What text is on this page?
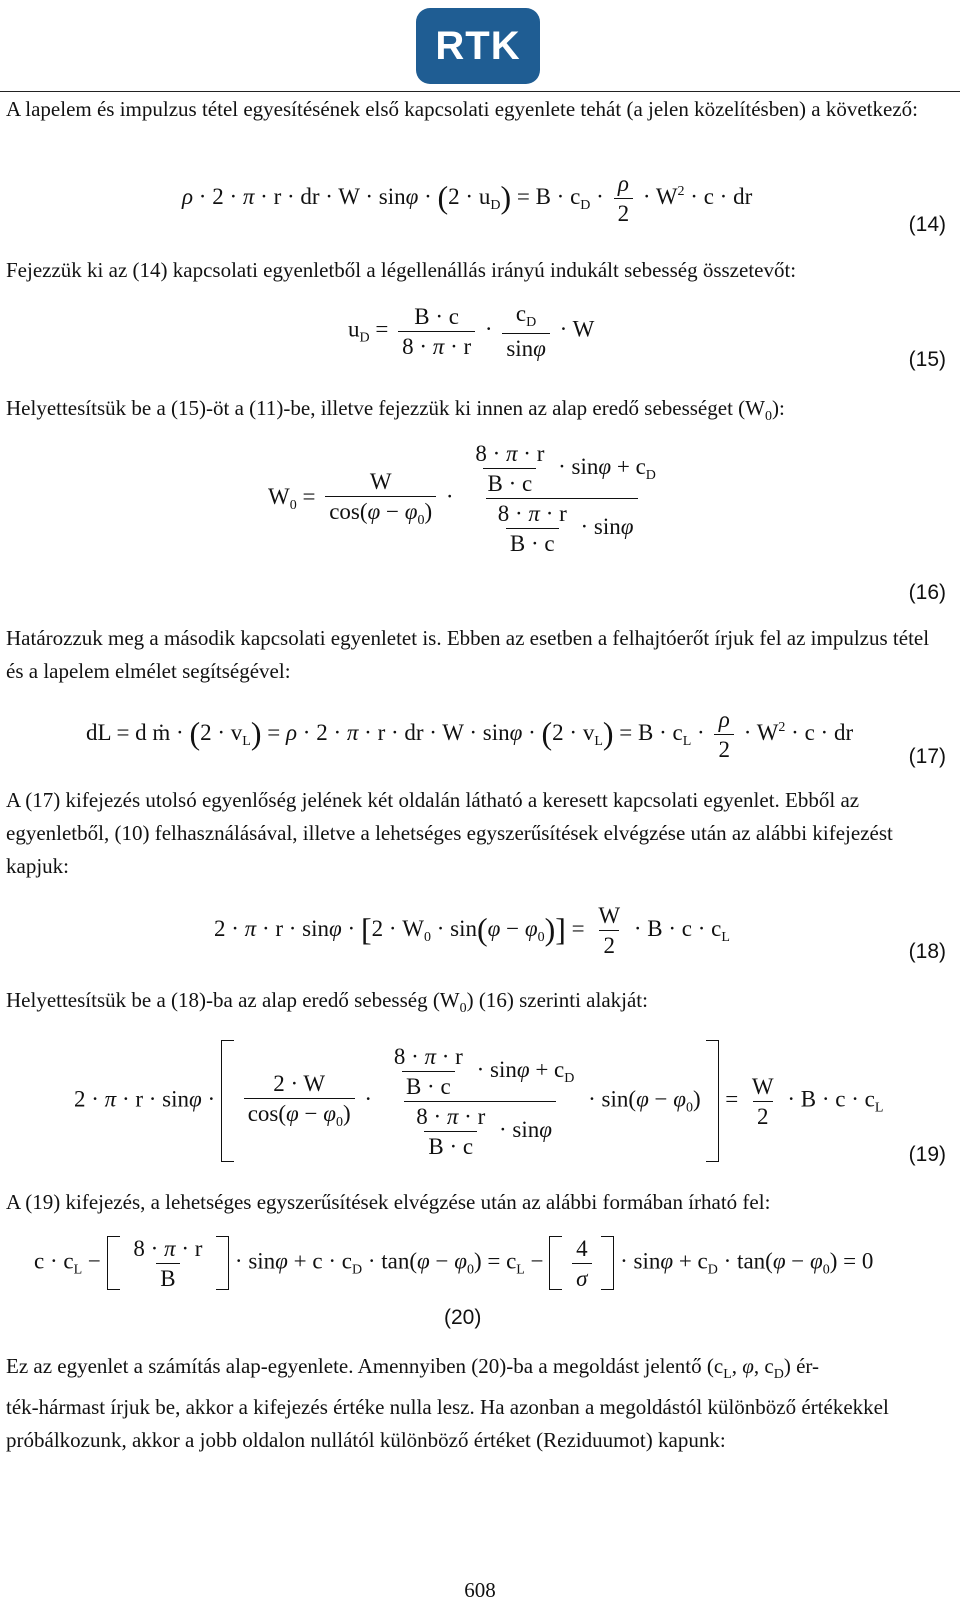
RTK
A lapelem és impulzus tétel egyesítésének első kapcsolati egyenlete tehát (a jelen közelítésben) a következő:
ρ · 2 · π · r · dr · $W \cdot \sin\varphi \cdot (2 \cdot u_D) = B \cdot c_D \cdot \frac{\rho}{2} \cdot W^2 \cdot c$ · dr
(14)
Fejezzük ki az (14) kapcsolati egyenletből a légellenállás irányú indukált sebesség összetevőt:
$u_D = \frac{B \cdot c}{8 \cdot \pi \cdot r} \cdot \frac{c_D}{\sin\varphi} \cdot W$
(15)
Helyettesítsük be a (15)-öt a (11)-be, illetve fejezzük ki innen az alap eredő sebességet $(W_0)$:
$W_0 = \frac{W}{\cos(\varphi - \varphi_0)} \cdot \frac{\frac{8 \cdot \pi \cdot r}{B \cdot c} \cdot \sin\varphi + c_D}{\frac{8 \cdot \pi \cdot r}{B \cdot c} \cdot \sin\varphi}$
(16)
Határozzuk meg a második kapcsolati egyenletet is. Ebben az esetben a felhajtóerőt írjuk fel az impulzus tétel és a lapelem elmélet segítségével:
dL = d ṁ · $(2 \cdot v_L) = \rho \cdot 2 \cdot \pi \cdot r$ · dr · $W \cdot \sin\varphi \cdot (2 \cdot v_L) = B \cdot c_L \cdot \frac{\rho}{2} \cdot W^2 \cdot c$ · dr
(17)
A (17) kifejezés utolsó egyenlőség jelének két oldalán látható a keresett kapcsolati egyenlet. Ebből az egyenletből, (10) felhasználásával, illetve a lehetséges egyszerűsítések elvégzése után az alábbi kifejezést kapjuk:
$2 \cdot \pi \cdot r \cdot \sin\varphi \cdot [2 \cdot W_0 \cdot \sin(\varphi - \varphi_0)] = \frac{W}{2} \cdot B \cdot c \cdot c_L$
(18)
Helyettesítsük be a (18)-ba az alap eredő sebesség $(W_0)$ (16) szerinti alakját:
$2 \cdot \pi \cdot r \cdot \sin\varphi \cdot \frac{2 \cdot W}{\cos(\varphi - \varphi_0)} \cdot \frac{\frac{8 \cdot \pi \cdot r}{B \cdot c} \cdot \sin\varphi + c_D}{\frac{8 \cdot \pi \cdot r}{B \cdot c} \cdot \sin\varphi} \cdot \sin(\varphi - \varphi_0) = \frac{W}{2} \cdot B \cdot c \cdot c_L$
(19)
A (19) kifejezés, a lehetséges egyszerűsítések elvégzése után az alábbi formában írható fel:
$c \cdot c_L - \frac{8 \cdot \pi \cdot r}{B} \cdot \sin\varphi + c \cdot c_D \cdot \tan(\varphi - \varphi_0) = c_L - \frac{4}{\sigma} \cdot \sin\varphi + c_D \cdot \tan(\varphi - \varphi_0) = 0$
(20)
Ez az egyenlet a számítás alap-egyenlete. Amennyiben (20)-ba a megoldást jelentő ($c_L$, φ, $c_D$) ér-
ték-hármast írjuk be, akkor a kifejezés értéke nulla lesz. Ha azonban a megoldástól különböző értékekkel próbálkozunk, akkor a jobb oldalon nullától különböző értéket (Reziduumot) kapunk:
608
